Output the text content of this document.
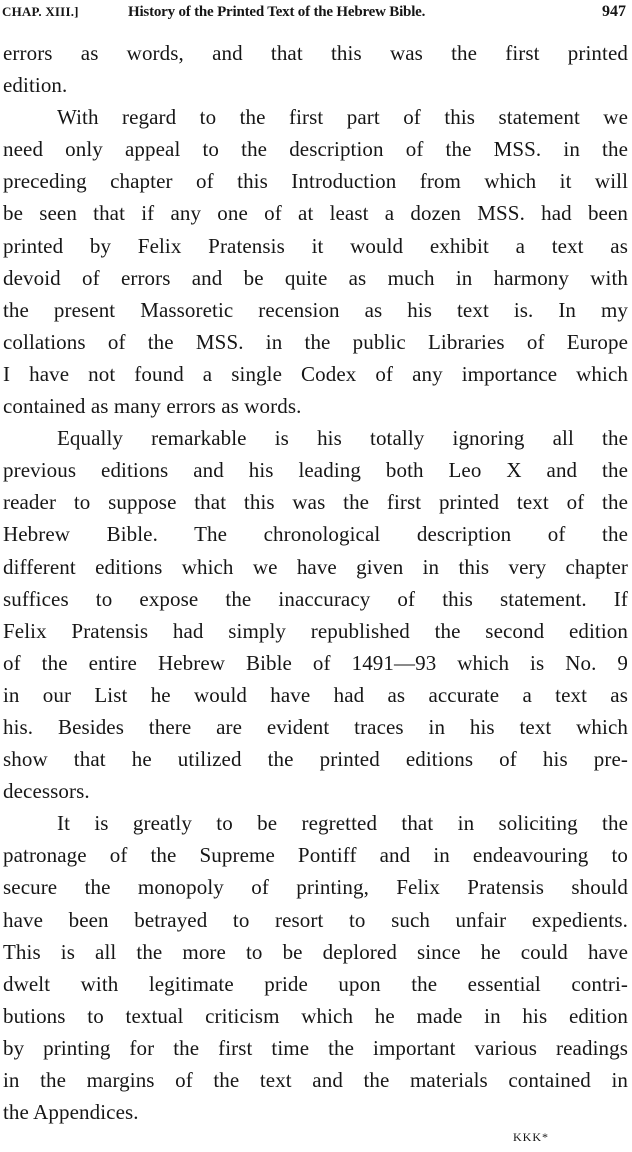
CHAP. XIII.]	History of the Printed Text of the Hebrew Bible.	947
errors as words, and that this was the first printed
edition.
With regard to the first part of this statement we
need only appeal to the description of the MSS. in the
preceding chapter of this Introduction from which it will
be seen that if any one of at least a dozen MSS. had been
printed by Felix Pratensis it would exhibit a text as
devoid of errors and be quite as much in harmony with
the present Massoretic recension as his text is. In my
collations of the MSS. in the public Libraries of Europe
I have not found a single Codex of any importance which
contained as many errors as words.
Equally remarkable is his totally ignoring all the
previous editions and his leading both Leo X and the
reader to suppose that this was the first printed text of the
Hebrew Bible. The chronological description of the
different editions which we have given in this very chapter
suffices to expose the inaccuracy of this statement. If
Felix Pratensis had simply republished the second edition
of the entire Hebrew Bible of 1491—93 which is No. 9
in our List he would have had as accurate a text as
his. Besides there are evident traces in his text which
show that he utilized the printed editions of his pre-
decessors.
It is greatly to be regretted that in soliciting the
patronage of the Supreme Pontiff and in endeavouring to
secure the monopoly of printing, Felix Pratensis should
have been betrayed to resort to such unfair expedients.
This is all the more to be deplored since he could have
dwelt with legitimate pride upon the essential contri-
butions to textual criticism which he made in his edition
by printing for the first time the important various readings
in the margins of the text and the materials contained in
the Appendices.
KKK*
